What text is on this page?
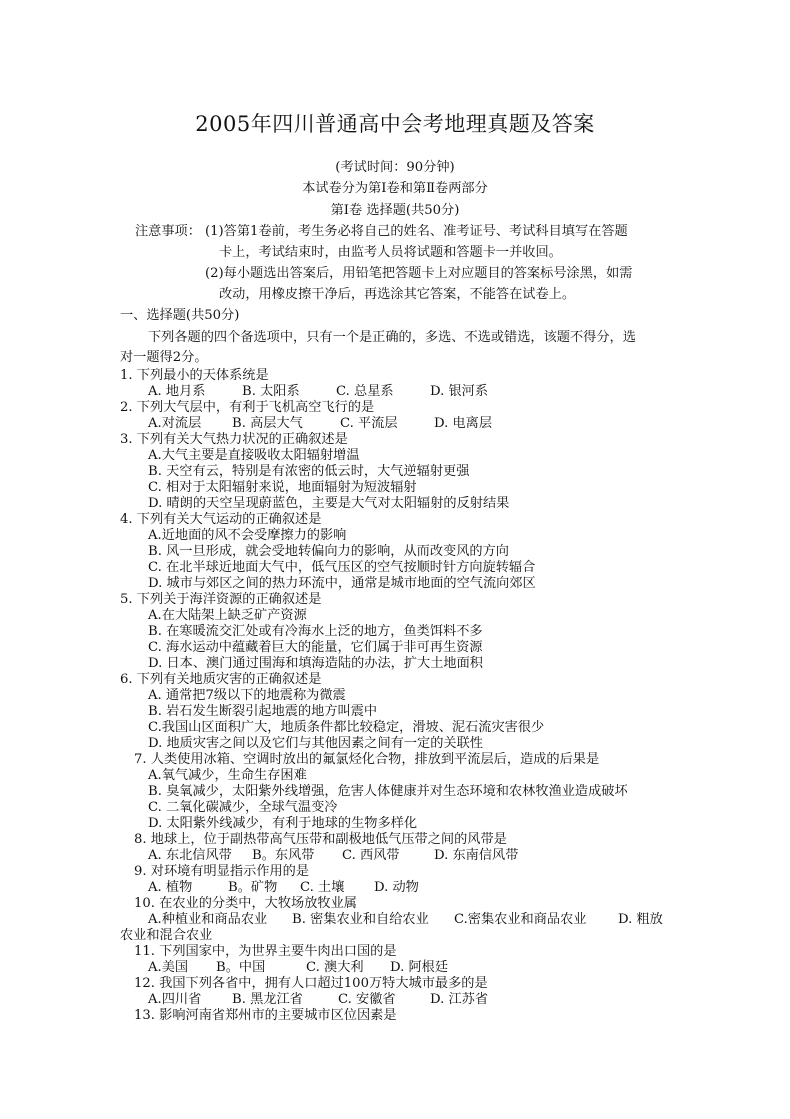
2005年四川普通高中会考地理真题及答案
(考试时间：90分钟)
本试卷分为第Ⅰ卷和第Ⅱ卷两部分
第Ⅰ卷 选择题(共50分)
注意事项： (1)答第1卷前，考生务必将自己的姓名、准考证号、考试科目填写在答题
卡上，考试结束时，由监考人员将试题和答题卡一并收回。
(2)每小题选出答案后，用铅笔把答题卡上对应题目的答案标号涂黑，如需
改动，用橡皮擦干净后，再选涂其它答案，不能答在试卷上。
一、选择题(共50分)
下列各题的四个备选项中，只有一个是正确的，多选、不选或错选，该题不得分，选
对一题得2分。
1. 下列最小的天体系统是
A. 地月系	B. 太阳系	C. 总星系	D. 银河系
2. 下列大气层中，有利于飞机高空飞行的是
A.对流层 B. 高层大气	C. 平流层	D. 电离层
3. 下列有关大气热力状况的正确叙述是
A.大气主要是直接吸收太阳辐射增温
B. 天空有云，特别是有浓密的低云时，大气逆辐射更强
C. 相对于太阳辐射来说，地面辐射为短波辐射
D. 晴朗的天空呈现蔚蓝色，主要是大气对太阳辐射的反射结果
4. 下列有关大气运动的正确叙述是
A.近地面的风不会受摩擦力的影响
B. 风一旦形成，就会受地转偏向力的影响，从而改变风的方向
C. 在北半球近地面大气中，低气压区的空气按顺时针方向旋转辐合
D. 城市与郊区之间的热力环流中，通常是城市地面的空气流向郊区
5. 下列关于海洋资源的正确叙述是
A.在大陆架上缺乏矿产资源
B. 在寒暖流交汇处或有冷海水上泛的地方，鱼类饵料不多
C. 海水运动中蕴藏着巨大的能量，它们属于非可再生资源
D. 日本、澳门通过围海和填海造陆的办法，扩大土地面积
6. 下列有关地质灾害的正确叙述是
A. 通常把7级以下的地震称为微震
B. 岩石发生断裂引起地震的地方叫震中
C.我国山区面积广大，地质条件都比较稳定，滑坡、泥石流灾害很少
D. 地质灾害之间以及它们与其他因素之间有一定的关联性
7. 人类使用冰箱、空调时放出的氟氯烃化合物，排放到平流层后，造成的后果是
A.氧气减少，生命生存困难
B. 臭氧减少，太阳紫外线增强，危害人体健康并对生态环境和农林牧渔业造成破坏
C. 二氧化碳减少，全球气温变冷
D. 太阳紫外线减少，有利于地球的生物多样化
8. 地球上，位于副热带高气压带和副极地低气压带之间的风带是
A. 东北信风带 B。东风带 C. 西风带	D. 东南信风带
9. 对环境有明显指示作用的是
A. 植物	B。矿物 C. 土壤 D. 动物
10. 在农业的分类中，大牧场放牧业属
A.种植业和商品农业 B. 密集农业和自给农业 C.密集农业和商品农业 D. 粗放
农业和混合农业
11. 下列国家中，为世界主要牛肉出口国的是
A.美国 B。中国	C. 澳大利 D. 阿根廷
12. 我国下列各省中，拥有人口超过100万特大城市最多的是
A.四川省 B. 黑龙江省	C. 安徽省	D. 江苏省
13. 影响河南省郑州市的主要城市区位因素是
